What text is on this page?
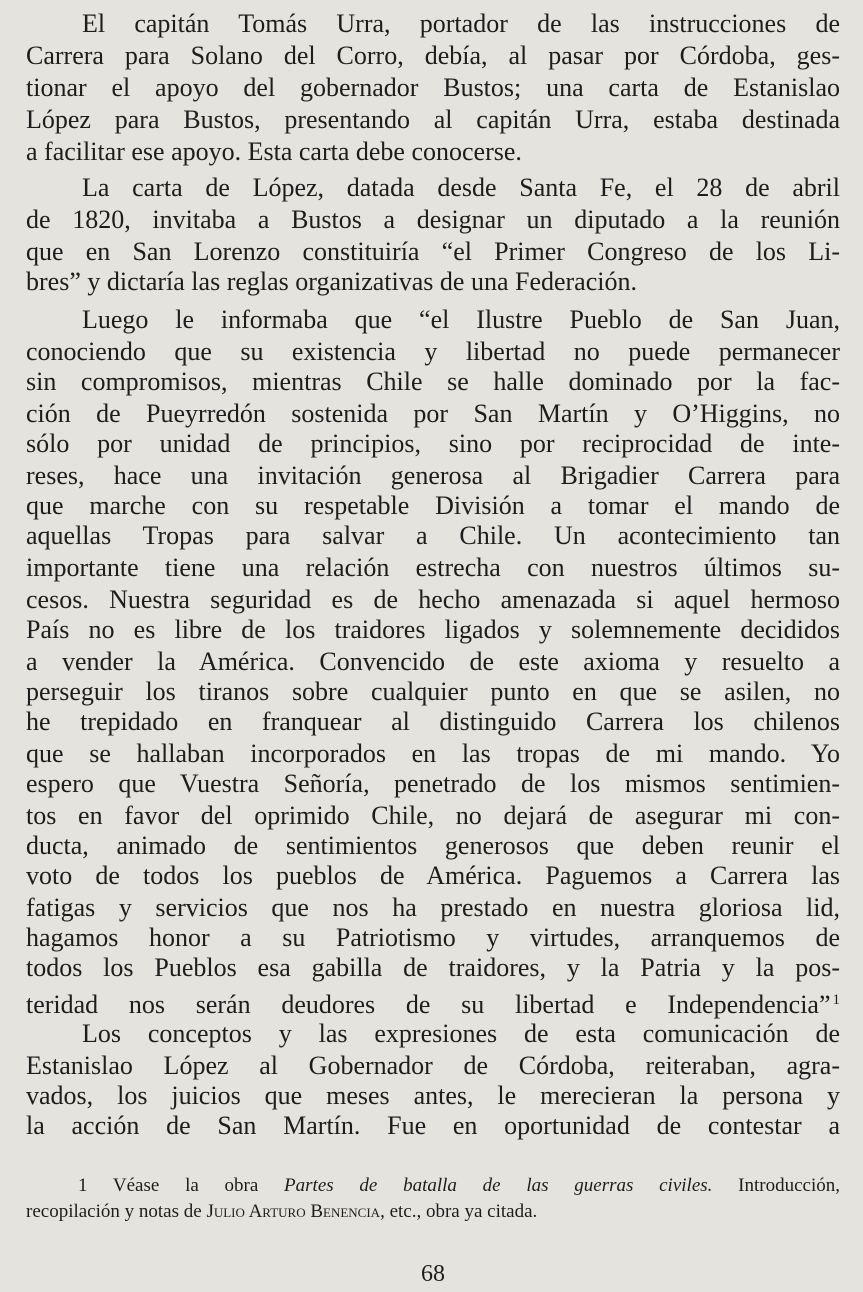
El capitán Tomás Urra, portador de las instrucciones de
Carrera para Solano del Corro, debía, al pasar por Córdoba, ges-
tionar el apoyo del gobernador Bustos; una carta de Estanislao
López para Bustos, presentando al capitán Urra, estaba destinada
a facilitar ese apoyo. Esta carta debe conocerse.
La carta de López, datada desde Santa Fe, el 28 de abril
de 1820, invitaba a Bustos a designar un diputado a la reunión
que en San Lorenzo constituiría “el Primer Congreso de los Li-
bres” y dictaría las reglas organizativas de una Federación.
Luego le informaba que “el Ilustre Pueblo de San Juan,
conociendo que su existencia y libertad no puede permanecer
sin compromisos, mientras Chile se halle dominado por la fac-
ción de Pueyrredón sostenida por San Martín y O’Higgins, no
sólo por unidad de principios, sino por reciprocidad de inte-
reses, hace una invitación generosa al Brigadier Carrera para
que marche con su respetable División a tomar el mando de
aquellas Tropas para salvar a Chile. Un acontecimiento tan
importante tiene una relación estrecha con nuestros últimos su-
cesos. Nuestra seguridad es de hecho amenazada si aquel hermoso
País no es libre de los traidores ligados y solemnemente decididos
a vender la América. Convencido de este axioma y resuelto a
perseguir los tiranos sobre cualquier punto en que se asilen, no
he trepidado en franquear al distinguido Carrera los chilenos
que se hallaban incorporados en las tropas de mi mando. Yo
espero que Vuestra Señoría, penetrado de los mismos sentimien-
tos en favor del oprimido Chile, no dejará de asegurar mi con-
ducta, animado de sentimientos generosos que deben reunir el
voto de todos los pueblos de América. Paguemos a Carrera las
fatigas y servicios que nos ha prestado en nuestra gloriosa lid,
hagamos honor a su Patriotismo y virtudes, arranquemos de
todos los Pueblos esa gabilla de traidores, y la Patria y la pos-
teridad nos serán deudores de su libertad e Independencia” $^1$
Los conceptos y las expresiones de esta comunicación de
Estanislao López al Gobernador de Córdoba, reiteraban, agra-
vados, los juicios que meses antes, le merecieran la persona y
la acción de San Martín. Fue en oportunidad de contestar a
1 Véase la obra Partes de batalla de las guerras civiles. Introducción,
recopilación y notas de Julio Arturo Benencia, etc., obra ya citada.
68
